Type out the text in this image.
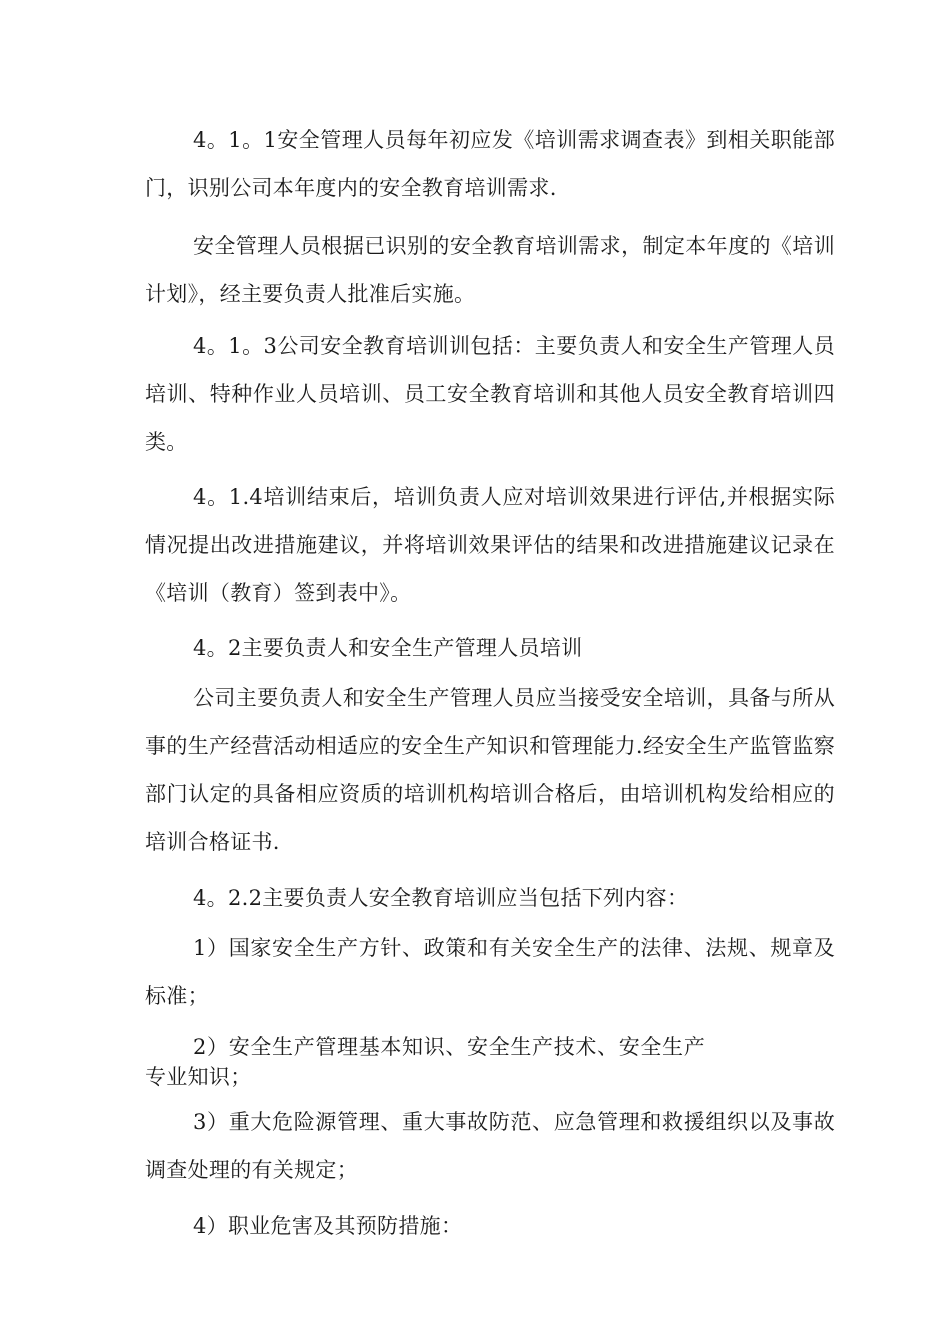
4。1。1安全管理人员每年初应发《培训需求调查表》到相关职能部门，识别公司本年度内的安全教育培训需求.

安全管理人员根据已识别的安全教育培训需求，制定本年度的《培训计划》，经主要负责人批准后实施。

4。1。3公司安全教育培训训包括：主要负责人和安全生产管理人员培训、特种作业人员培训、员工安全教育培训和其他人员安全教育培训四类。

4。1.4培训结束后，培训负责人应对培训效果进行评估,并根据实际情况提出改进措施建议，并将培训效果评估的结果和改进措施建议记录在《培训（教育）签到表中》。

4。2主要负责人和安全生产管理人员培训

公司主要负责人和安全生产管理人员应当接受安全培训，具备与所从事的生产经营活动相适应的安全生产知识和管理能力.经安全生产监管监察部门认定的具备相应资质的培训机构培训合格后，由培训机构发给相应的培训合格证书.

4。2.2主要负责人安全教育培训应当包括下列内容：

1）国家安全生产方针、政策和有关安全生产的法律、法规、规章及标准；

2）安全生产管理基本知识、安全生产技术、安全生产专业知识；

3）重大危险源管理、重大事故防范、应急管理和救援组织以及事故调查处理的有关规定；

4）职业危害及其预防措施：
